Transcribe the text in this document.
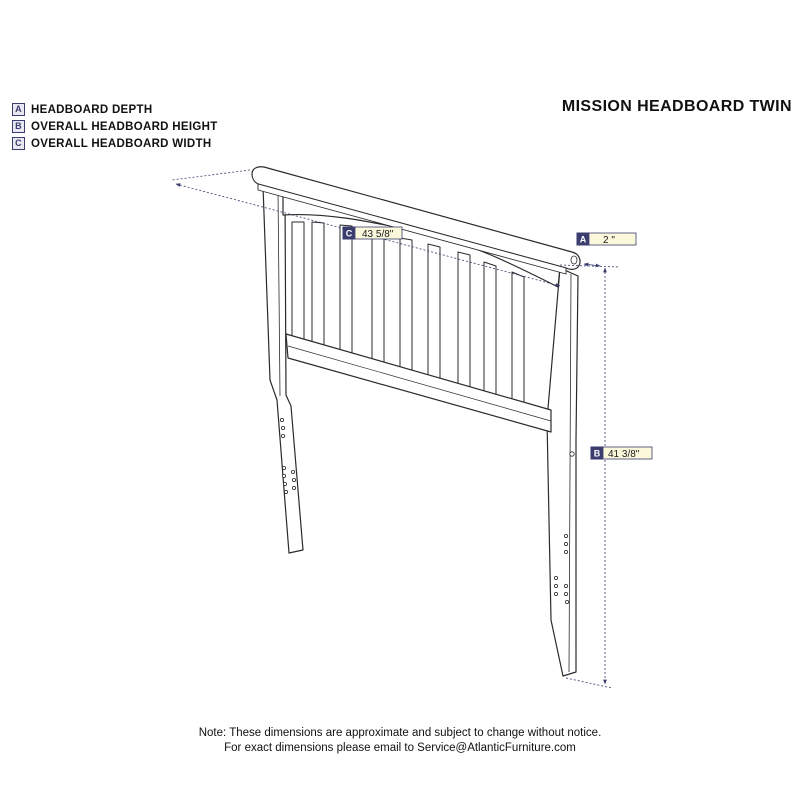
A HEADBOARD DEPTH
B OVERALL HEADBOARD HEIGHT
C OVERALL HEADBOARD WIDTH
MISSION HEADBOARD TWIN
C 43 5/8"	A 2 "
B 41 3/8"
Note: These dimensions are approximate and subject to change without notice.
For exact dimensions please email to Service@AtlanticFurniture.com
